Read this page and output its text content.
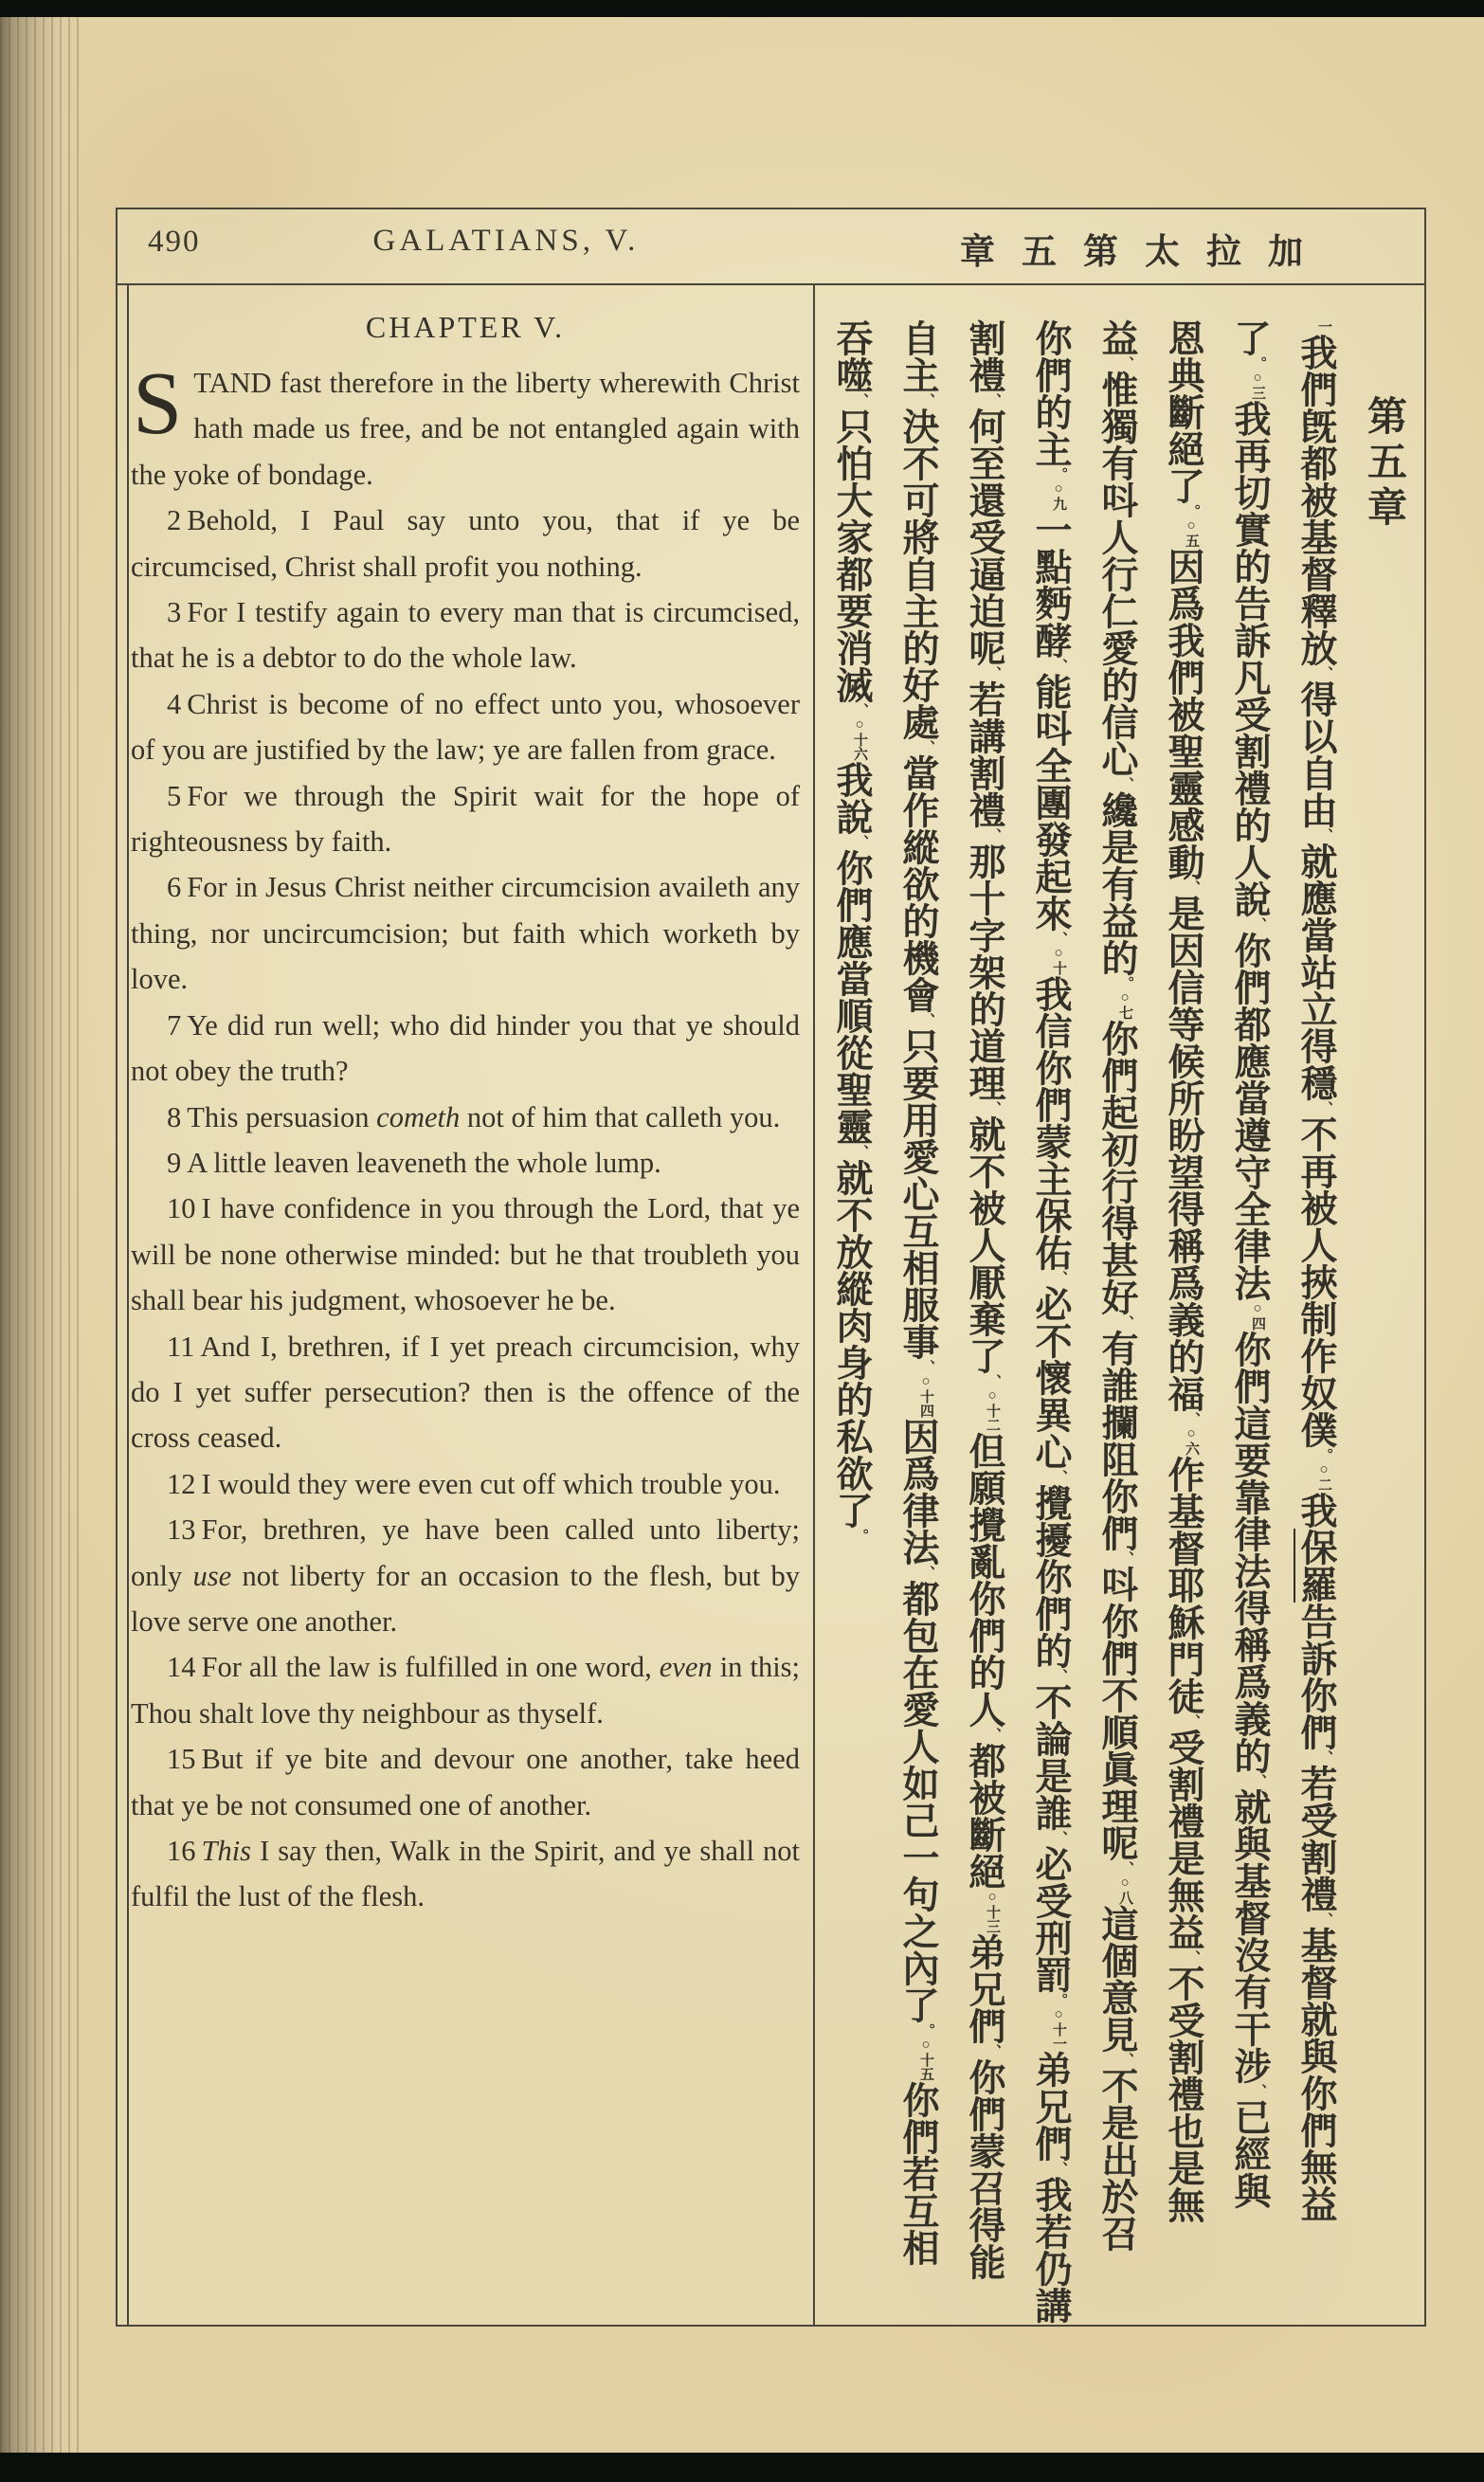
490	GALATIANS, V.	章五第太拉加
CHAPTER V.

STAND fast therefore in the liberty wherewith Christ hath made us free, and be not entangled again with the yoke of bondage.

2 Behold, I Paul say unto you, that if ye be circumcised, Christ shall profit you nothing.

3 For I testify again to every man that is circumcised, that he is a debtor to do the whole law.

4 Christ is become of no effect unto you, whosoever of you are justified by the law; ye are fallen from grace.

5 For we through the Spirit wait for the hope of righteousness by faith.

6 For in Jesus Christ neither circumcision availeth any thing, nor uncircumcision; but faith which worketh by love.

7 Ye did run well; who did hinder you that ye should not obey the truth?

8 This persuasion cometh not of him that calleth you.

9 A little leaven leaveneth the whole lump.

10 I have confidence in you through the Lord, that ye will be none otherwise minded: but he that troubleth you shall bear his judgment, whosoever he be.

11 And I, brethren, if I yet preach circumcision, why do I yet suffer persecution? then is the offence of the cross ceased.

12 I would they were even cut off which trouble you.

13 For, brethren, ye have been called unto liberty; only use not liberty for an occasion to the flesh, but by love serve one another.

14 For all the law is fulfilled in one word, even in this; Thou shalt love thy neighbour as thyself.

15 But if ye bite and devour one another, take heed that ye be not consumed one of another.

16 This I say then, Walk in the Spirit, and ye shall not fulfil the lust of the flesh.

第五章
一我們旣都被基督釋放、得以自由、就應當站立得穩、不再被人挾制作奴僕。○二我保羅告訴你們、若受割禮、基督就與你們無益
了。○三我再切實的告訴凡受割禮的人說、你們都應當遵守全律法○四你們這要靠律法得稱爲義的、就與基督沒有干涉、已經與
恩典斷絕了。○五因爲我們被聖靈感動、是因信等候所盼望得稱爲義的福、○六作基督耶穌門徒、受割禮是無益、不受割禮也是無
益、惟獨有呌人行仁愛的信心、纔是有益的。○七你們起初行得甚好、有誰攔阻你們、呌你們不順眞理呢、○八這個意見、不是出於召
你們的主。○九一點麪酵、能呌全團發起來、○十我信你們蒙主保佑、必不懷異心、攪擾你們的、不論是誰、必受刑罰。○十一弟兄們、我若仍講
割禮、何至還受逼迫呢、若講割禮、那十字架的道理、就不被人厭棄了、○十二但願攪亂你們的人、都被斷絕○十三弟兄們、你們蒙召得能
自主、決不可將自主的好處、當作縱欲的機會、只要用愛心互相服事、○十四因爲律法、都包在愛人如己一句之內了。○十五你們若互相
吞噬、只怕大家都要消滅、○十六我說、你們應當順從聖靈、就不放縱肉身的私欲了。
